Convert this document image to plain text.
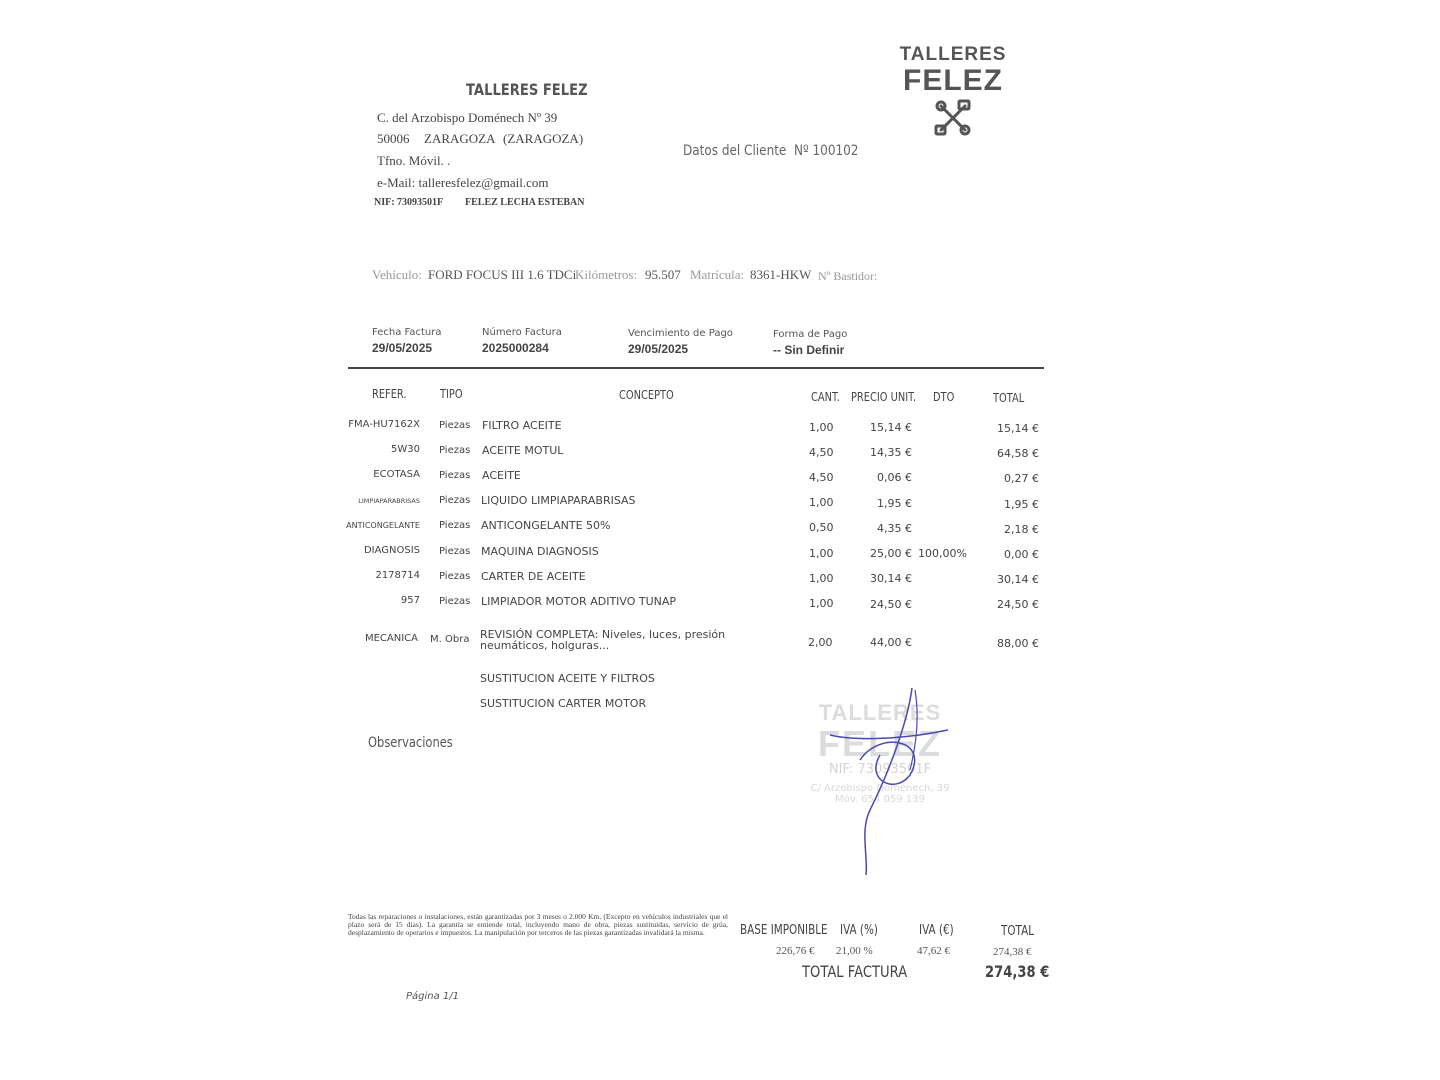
TALLERES
FELEZ
TALLERES FELEZ
C. del Arzobispo Doménech Nº 39
50006 ZARAGOZA (ZARAGOZA)
Tfno. Móvil. .
e-Mail: talleresfelez@gmail.com
NIF: 73093501F FELEZ LECHA ESTEBAN
Datos del Cliente Nº 100102
Vehículo: FORD FOCUS III 1.6 TDCi
Kilómetros: 95.507 Matrícula: 8361-HKW Nº Bastidor:
Fecha Factura
29/05/2025
Número Factura
2025000284
Vencimiento de Pago
29/05/2025
Forma de Pago
-- Sin Definir
REFER.	TIPO	CONCEPTO	CANT. PRECIO UNIT. DTO	TOTAL
FMA-HU7162X Piezas FILTRO ACEITE	1,00	15,14 €	15,14 €
5W30 Piezas ACEITE MOTUL	4,50	14,35 €	64,58 €
ECOTASA Piezas ACEITE	4,50	0,06 €	0,27 €
LIMPIAPARABRISAS Piezas LIQUIDO LIMPIAPARABRISAS	1,00	1,95 €	1,95 €
ANTICONGELANTE Piezas ANTICONGELANTE 50%	0,50	4,35 €	2,18 €
DIAGNOSIS Piezas MAQUINA DIAGNOSIS	1,00	25,00 € 100,00%	0,00 €
2178714 Piezas CARTER DE ACEITE	1,00	30,14 €	30,14 €
957 Piezas LIMPIADOR MOTOR ADITIVO TUNAP	1,00	24,50 €	24,50 €
MECANICA M. Obra REVISIÓN COMPLETA: Niveles, luces, presión neumáticos, holguras...	2,00	44,00 €	88,00 €
SUSTITUCION ACEITE Y FILTROS
SUSTITUCION CARTER MOTOR
Observaciones
TALLERES
FELEZ
NIF: 73093501F
C/ Arzobispo Doménech, 39
Móv. 654 059 139
Todas las reparaciones o instalaciones, están garantizadas por 3 meses o 2.000 Km. (Excepto en vehículos industriales que el plazo será de 15 días). La garantía se entiende total, incluyendo mano de obra, piezas sustituidas, servicio de grúa, desplazamiento de operarios e impuestos. La manipulación por terceros de las piezas garantizadas invalidará la misma.	BASE IMPONIBLE IVA (%)	IVA (€)	TOTAL
226,76 € 21,00 %	47,62 €	274,38 €
TOTAL FACTURA	274,38 €
Página 1/1
